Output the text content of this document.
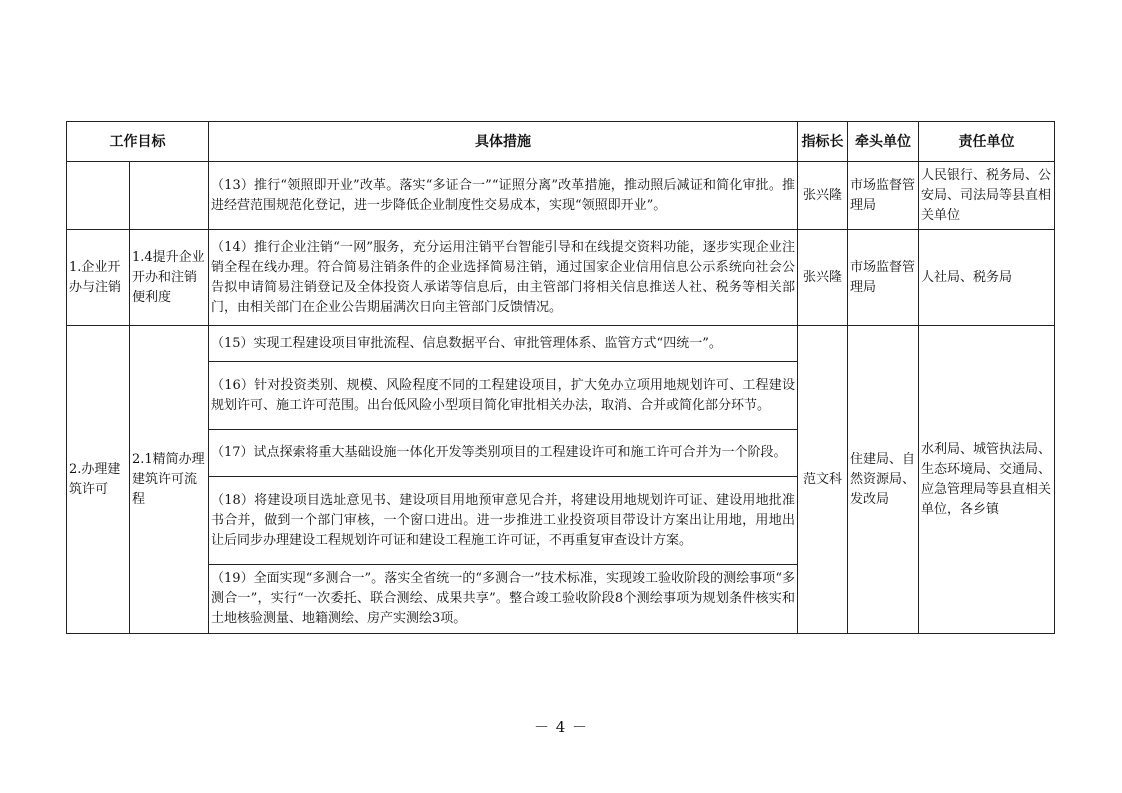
工作目标		具体措施	指标长	牵头单位	责任单位
		（13）推行“领照即开业”改革。落实“多证合一”“证照分离”改革措施，推动照后减证和简化审批。推进经营范围规范化登记，进一步降低企业制度性交易成本，实现“领照即开业”。	张兴隆	市场监督管理局	人民银行、税务局、公安局、司法局等县直相关单位
1.企业开办与注销	1.4提升企业开办和注销便利度	（14）推行企业注销“一网”服务，充分运用注销平台智能引导和在线提交资料功能，逐步实现企业注销全程在线办理。符合简易注销条件的企业选择简易注销，通过国家企业信用信息公示系统向社会公告拟申请简易注销登记及全体投资人承诺等信息后，由主管部门将相关信息推送人社、税务等相关部门，由相关部门在企业公告期届满次日向主管部门反馈情况。	张兴隆	市场监督管理局	人社局、税务局
2.办理建筑许可	2.1精简办理建筑许可流程	（15）实现工程建设项目审批流程、信息数据平台、审批管理体系、监管方式“四统一”。	范文科	住建局、自然资源局、发改局	水利局、城管执法局、生态环境局、交通局、应急管理局等县直相关单位，各乡镇
		（16）针对投资类别、规模、风险程度不同的工程建设项目，扩大免办立项用地规划许可、工程建设规划许可、施工许可范围。出台低风险小型项目简化审批相关办法，取消、合并或简化部分环节。			
		（17）试点探索将重大基础设施一体化开发等类别项目的工程建设许可和施工许可合并为一个阶段。			
		（18）将建设项目选址意见书、建设项目用地预审意见合并，将建设用地规划许可证、建设用地批准书合并，做到一个部门审核，一个窗口进出。进一步推进工业投资项目带设计方案出让用地，用地出让后同步办理建设工程规划许可证和建设工程施工许可证，不再重复审查设计方案。			
		（19）全面实现“多测合一”。落实全省统一的“多测合一”技术标准，实现竣工验收阶段的测绘事项“多测合一”，实行“一次委托、联合测绘、成果共享”。整合竣工验收阶段8个测绘事项为规划条件核实和土地核验测量、地籍测绘、房产实测绘3项。			
－ 4 －
